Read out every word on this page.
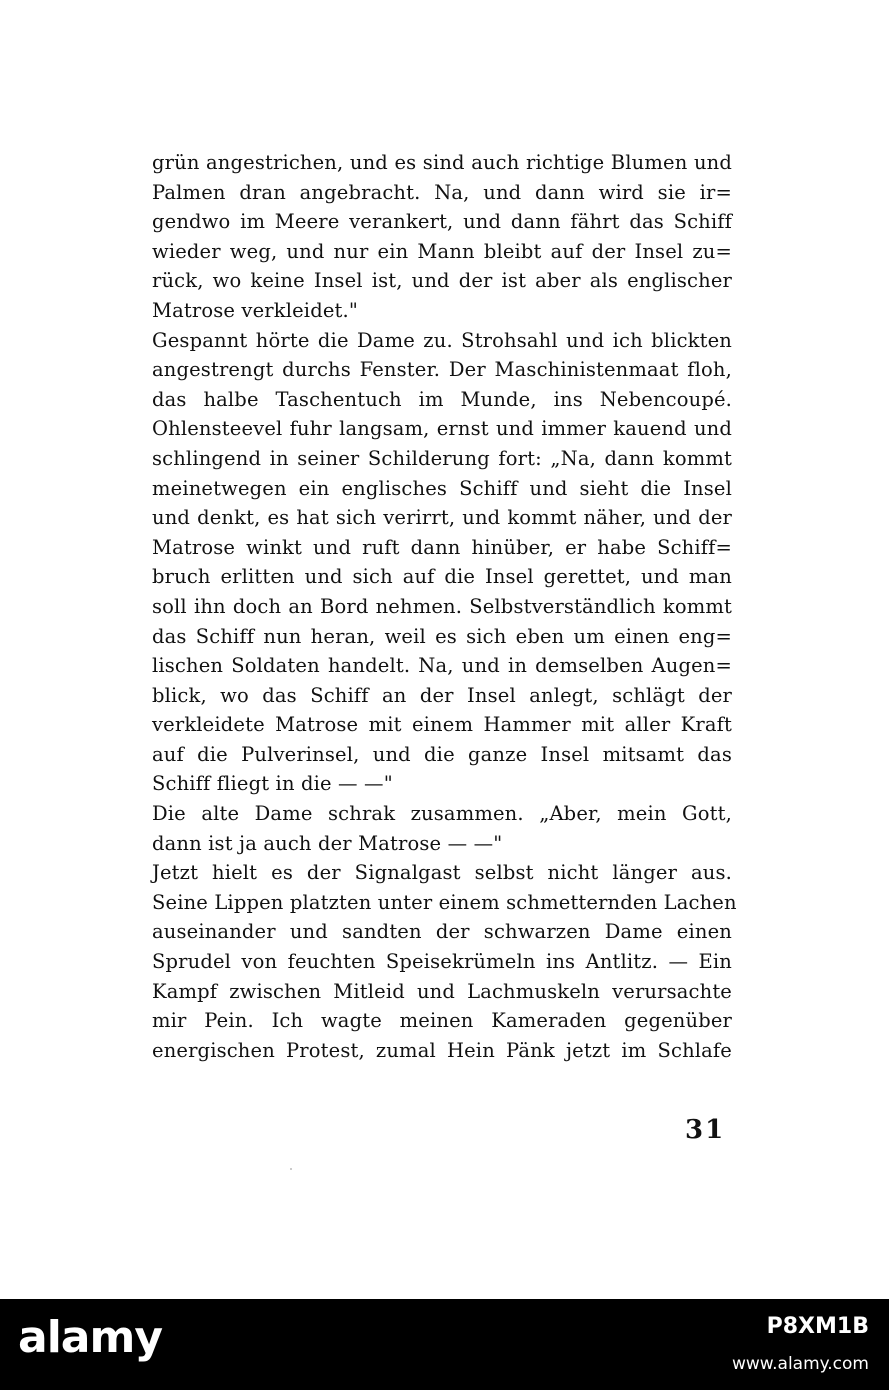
grün angestrichen, und es sind auch richtige Blumen und
Palmen dran angebracht. Na, und dann wird sie ir=
gendwo im Meere verankert, und dann fährt das Schiff
wieder weg, und nur ein Mann bleibt auf der Insel zu=
rück, wo keine Insel ist, und der ist aber als englischer
Matrose verkleidet."
Gespannt hörte die Dame zu. Strohsahl und ich blickten
angestrengt durchs Fenster. Der Maschinistenmaat floh,
das halbe Taschentuch im Munde, ins Nebencoupé.
Ohlensteevel fuhr langsam, ernst und immer kauend und
schlingend in seiner Schilderung fort: „Na, dann kommt
meinetwegen ein englisches Schiff und sieht die Insel
und denkt, es hat sich verirrt, und kommt näher, und der
Matrose winkt und ruft dann hinüber, er habe Schiff=
bruch erlitten und sich auf die Insel gerettet, und man
soll ihn doch an Bord nehmen. Selbstverständlich kommt
das Schiff nun heran, weil es sich eben um einen eng=
lischen Soldaten handelt. Na, und in demselben Augen=
blick, wo das Schiff an der Insel anlegt, schlägt der
verkleidete Matrose mit einem Hammer mit aller Kraft
auf die Pulverinsel, und die ganze Insel mitsamt das
Schiff fliegt in die — —"
Die alte Dame schrak zusammen. „Aber, mein Gott,
dann ist ja auch der Matrose — —"
Jetzt hielt es der Signalgast selbst nicht länger aus.
Seine Lippen platzten unter einem schmetternden Lachen
auseinander und sandten der schwarzen Dame einen
Sprudel von feuchten Speisekrümeln ins Antlitz. — Ein
Kampf zwischen Mitleid und Lachmuskeln verursachte
mir Pein. Ich wagte meinen Kameraden gegenüber
energischen Protest, zumal Hein Pänk jetzt im Schlafe
31
alamy	P8XM1B
www.alamy.com
